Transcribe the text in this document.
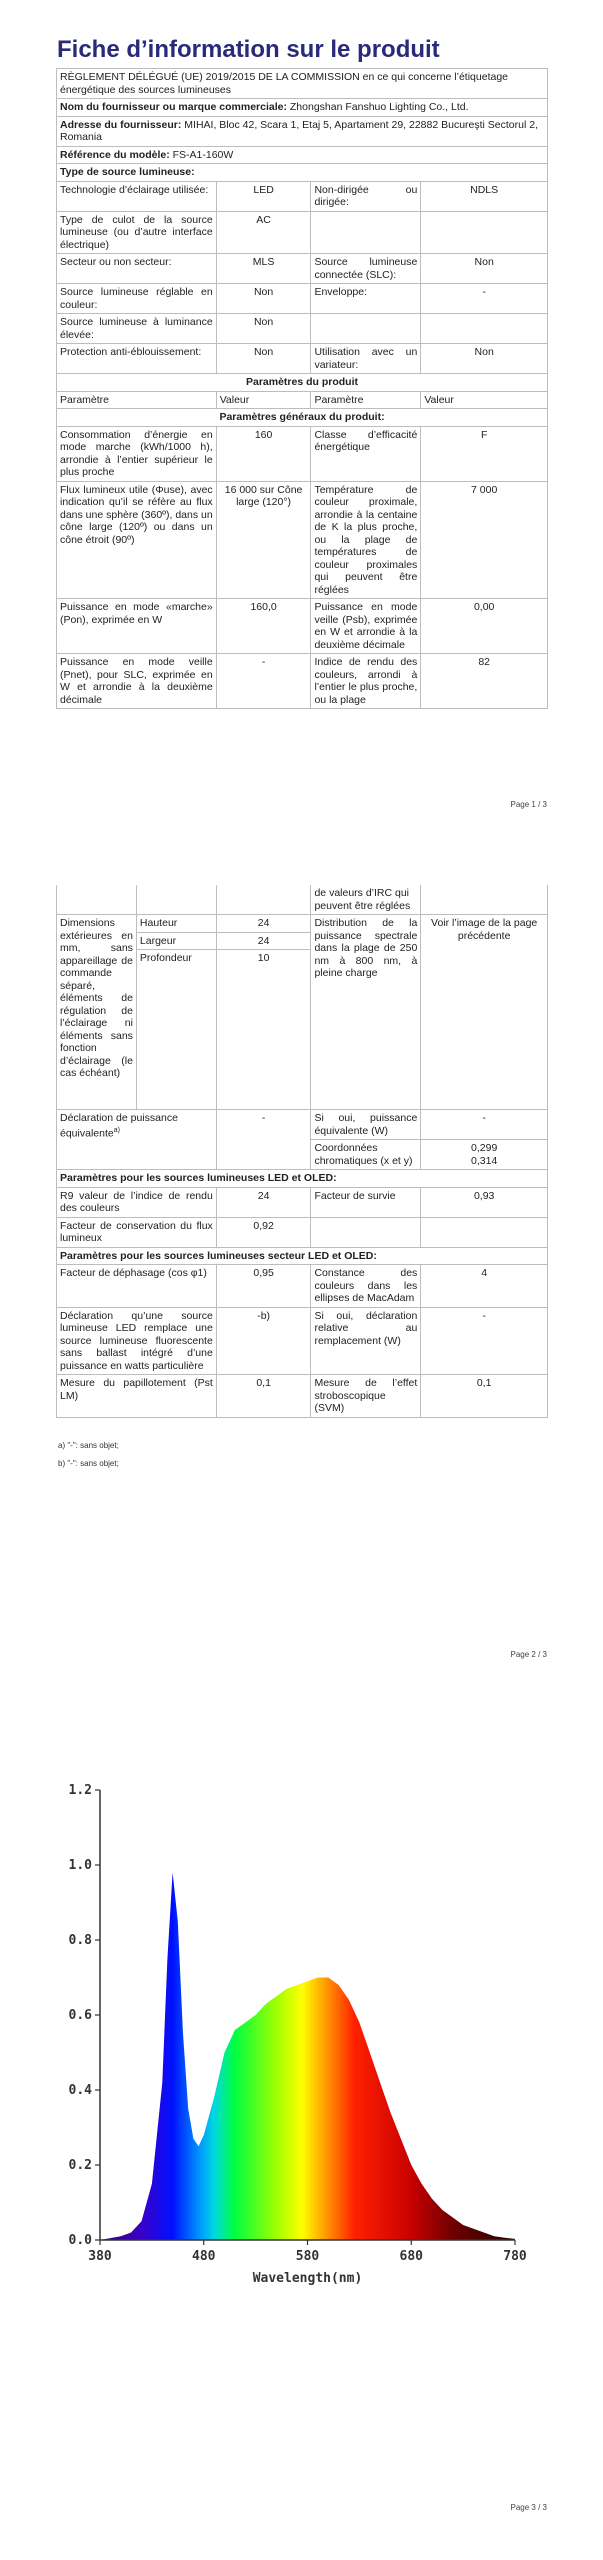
Fiche d’information sur le produit
RÈGLEMENT DÉLÉGUÉ (UE) 2019/2015 DE LA COMMISSION en ce qui concerne l’étiquetage énergétique des sources lumineuses			
Nom du fournisseur ou marque commerciale: Zhongshan Fanshuo Lighting Co., Ltd.			
Adresse du fournisseur: MIHAI, Bloc 42, Scara 1, Etaj 5, Apartament 29, 22882 Bucureşti Sectorul 2, Romania			
Référence du modèle: FS-A1-160W			
Type de source lumineuse:			
Technologie d’éclairage utilisée:	LED	Non-dirigée ou dirigée:	NDLS
Type de culot de la source lumineuse (ou d’autre interface électrique)	AC		
Secteur ou non secteur:	MLS	Source lumineuse connectée (SLC):	Non
Source lumineuse réglable en couleur:	Non	Enveloppe:	-
Source lumineuse à luminance élevée:	Non		
Protection anti-éblouissement:	Non	Utilisation avec un variateur:	Non
Paramètres du produit			
Paramètre	Valeur	Paramètre	Valeur
Paramètres généraux du produit:			
Consommation d’énergie en mode marche (kWh/1000 h), arrondie à l’entier supérieur le plus proche	160	Classe d’efficacité énergétique	F
Flux lumineux utile (Φuse), avec indication qu’il se réfère au flux dans une sphère (360º), dans un cône large (120º) ou dans un cône étroit (90º)	16 000 sur Cône large (120°)	Température de couleur proximale, arrondie à la centaine de K la plus proche, ou la plage de températures de couleur proximales qui peuvent être réglées	7 000
Puissance en mode «marche» (Pon), exprimée en W	160,0	Puissance en mode veille (Psb), exprimée en W et arrondie à la deuxième décimale	0,00
Puissance en mode veille (Pnet), pour SLC, exprimée en W et arrondie à la deuxième décimale	-	Indice de rendu des couleurs, arrondi à l’entier le plus proche, ou la plage	82
Page 1 / 3
			de valeurs d’IRC qui peuvent être réglées	
Dimensions extérieures en mm, sans appareillage de commande séparé, éléments de régulation de l’éclairage ni éléments sans fonction d’éclairage (le cas échéant)	Hauteur	24	Distribution de la puissance spectrale dans la plage de 250 nm à 800 nm, à pleine charge	Voir l’image de la page précédente
	Largeur	24		
	Profondeur	10		
Déclaration de puissance équivalente$^{a)}$		-	Si oui, puissance équivalente (W)	-
			Coordonnées chromatiques (x et y)	0,299
0,314

Paramètres pour les sources lumineuses LED et OLED:				
R9 valeur de l’indice de rendu des couleurs		24	Facteur de survie	0,93
Facteur de conservation du flux lumineux		0,92		
Paramètres pour les sources lumineuses secteur LED et OLED:				
Facteur de déphasage (cos φ1)		0,95	Constance des couleurs dans les ellipses de MacAdam	4
Déclaration qu’une source lumineuse LED remplace une source lumineuse fluorescente sans ballast intégré d’une puissance en watts particulière		-b)	Si oui, déclaration relative au remplacement (W)	-
Mesure du papillotement (Pst LM)		0,1	Mesure de l’effet stroboscopique (SVM)	0,1
a) "-": sans objet;
b) "-": sans objet;
Page 2 / 3
0.0
0.2
0.4
0.6
0.8
1.0
1.2
380	480	580	680	780
Wavelength(nm)
Page 3 / 3
